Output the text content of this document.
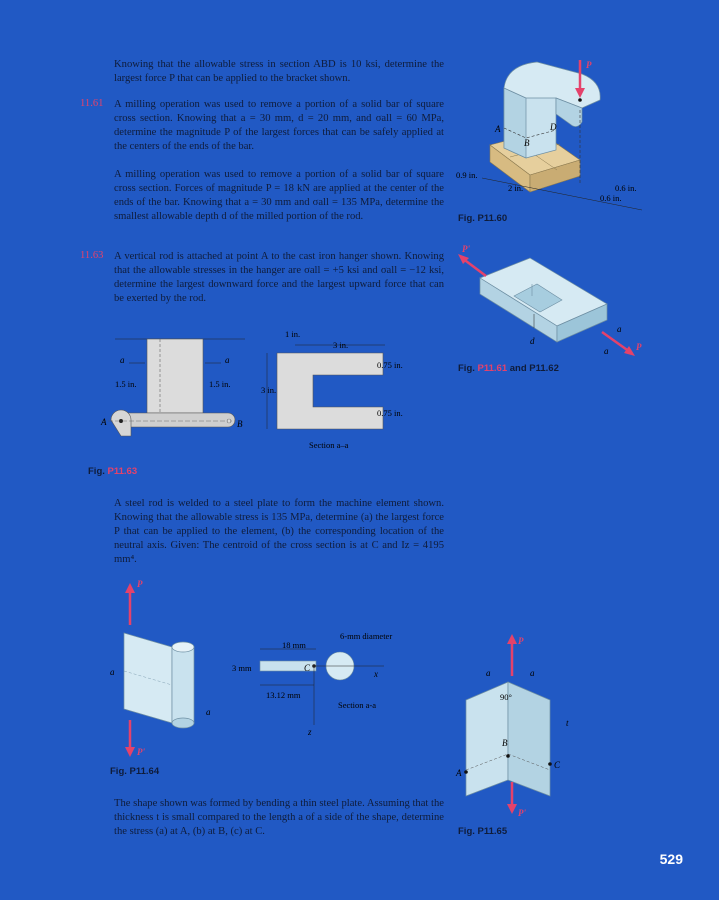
Knowing that the allowable stress in section ABD is 10 ksi, determine the largest force P that can be applied to the bracket shown.
11.61 A milling operation was used to remove a portion of a solid bar of square cross section. Knowing that a = 30 mm, d = 20 mm, and σall = 60 MPa, determine the magnitude P of the largest forces that can be safely applied at the centers of the ends of the bar.
A milling operation was used to remove a portion of a solid bar of square cross section. Forces of magnitude P = 18 kN are applied at the center of the ends of the bar. Knowing that a = 30 mm and σall = 135 MPa, determine the smallest allowable depth d of the milled portion of the rod.
11.63 A vertical rod is attached at point A to the cast iron hanger shown. Knowing that the allowable stresses in the hanger are σall = +5 ksi and σall = −12 ksi, determine the largest downward force and the largest upward force that can be exerted by the rod.
A steel rod is welded to a steel plate to form the machine element shown. Knowing that the allowable stress is 135 MPa, determine (a) the largest force P that can be applied to the element, (b) the corresponding location of the neutral axis. Given: The centroid of the cross section is at C and Iz = 4195 mm⁴.
The shape shown was formed by bending a thin steel plate. Assuming that the thickness t is small compared to the length a of a side of the shape, determine the stress (a) at A, (b) at B, (c) at C.
P
A
B
D
0.9 in.
2 in.	0.6 in.
0.6 in.
Fig. P11.60
P'
P
d
a
a
Fig. P11.61 and P11.62
A	B
a	a
1.5 in.	1.5 in.
3 in.
1 in.
3 in.
0.75 in.
0.75 in.
Section a–a
Fig. P11.63
P
P'
a
a
18 mm
3 mm
13.12 mm
6-mm diameter
C
x
z
Section a-a
Fig. P11.64
P
P'
a	a
90°
t
A
B
C
Fig. P11.65
529
